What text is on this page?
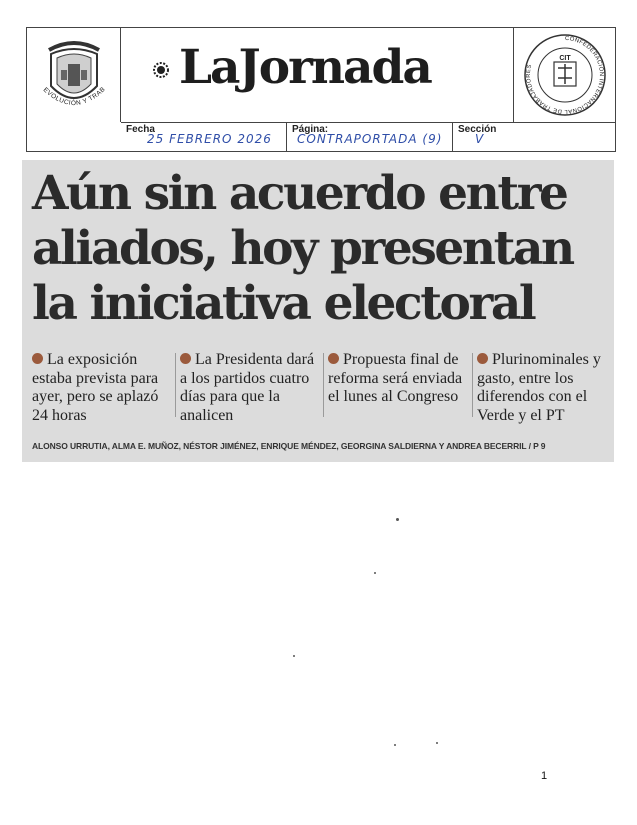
EVOLUCIÓN Y TRAB LaJornada
CONFEDERACIÓN INTERNACIONAL DE TRABAJADORES
CIT
Fecha
25 FEBRERO 2026
Página:
CONTRAPORTADA (9)
Sección
V
Aún sin acuerdo entre
aliados, hoy presentan
la iniciativa electoral
La exposición estaba prevista para ayer, pero se aplazó 24 horas
La Presidenta dará a los partidos cuatro días para que la analicen
Propuesta final de reforma será enviada el lunes al Congreso
Plurinominales y gasto, entre los diferendos con el Verde y el PT
ALONSO URRUTIA, ALMA E. MUÑOZ, NÉSTOR JIMÉNEZ, ENRIQUE MÉNDEZ, GEORGINA SALDIERNA Y ANDREA BECERRIL / P 9
1
